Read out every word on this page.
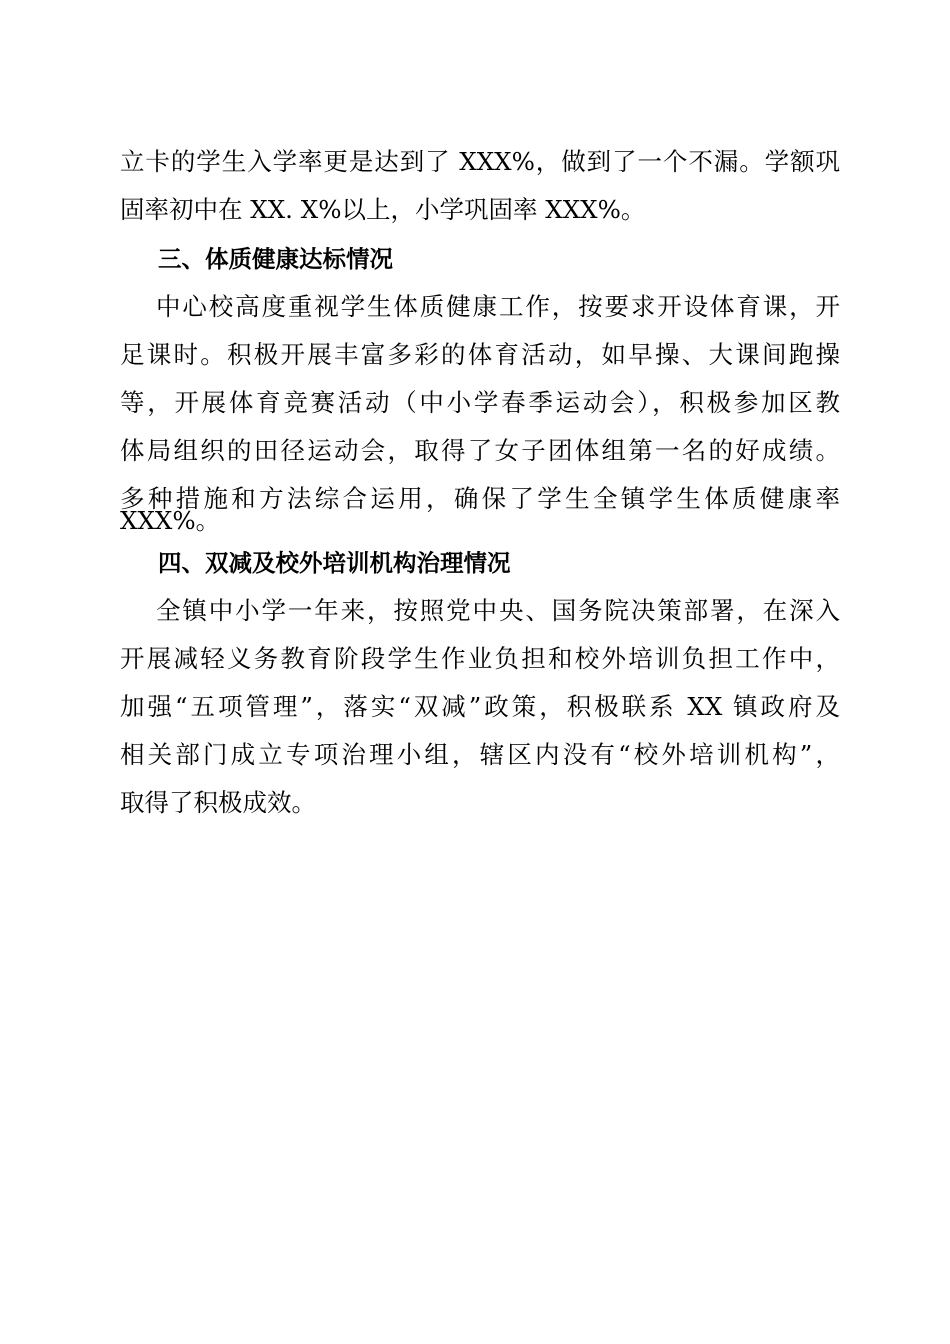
立卡的学生入学率更是达到了 XXX%，做到了一个不漏。学额巩
固率初中在 XX. X%以上，小学巩固率 XXX%。
三、体质健康达标情况
中心校高度重视学生体质健康工作，按要求开设体育课，开
足课时。积极开展丰富多彩的体育活动，如早操、大课间跑操
等，开展体育竞赛活动（中小学春季运动会），积极参加区教
体局组织的田径运动会，取得了女子团体组第一名的好成绩。
多种措施和方法综合运用，确保了学生全镇学生体质健康率
XXX%。
四、双减及校外培训机构治理情况
全镇中小学一年来，按照党中央、国务院决策部署，在深入
开展减轻义务教育阶段学生作业负担和校外培训负担工作中，
加强“五项管理”，落实“双减”政策，积极联系 XX 镇政府及
相关部门成立专项治理小组，辖区内没有“校外培训机构”，
取得了积极成效。
